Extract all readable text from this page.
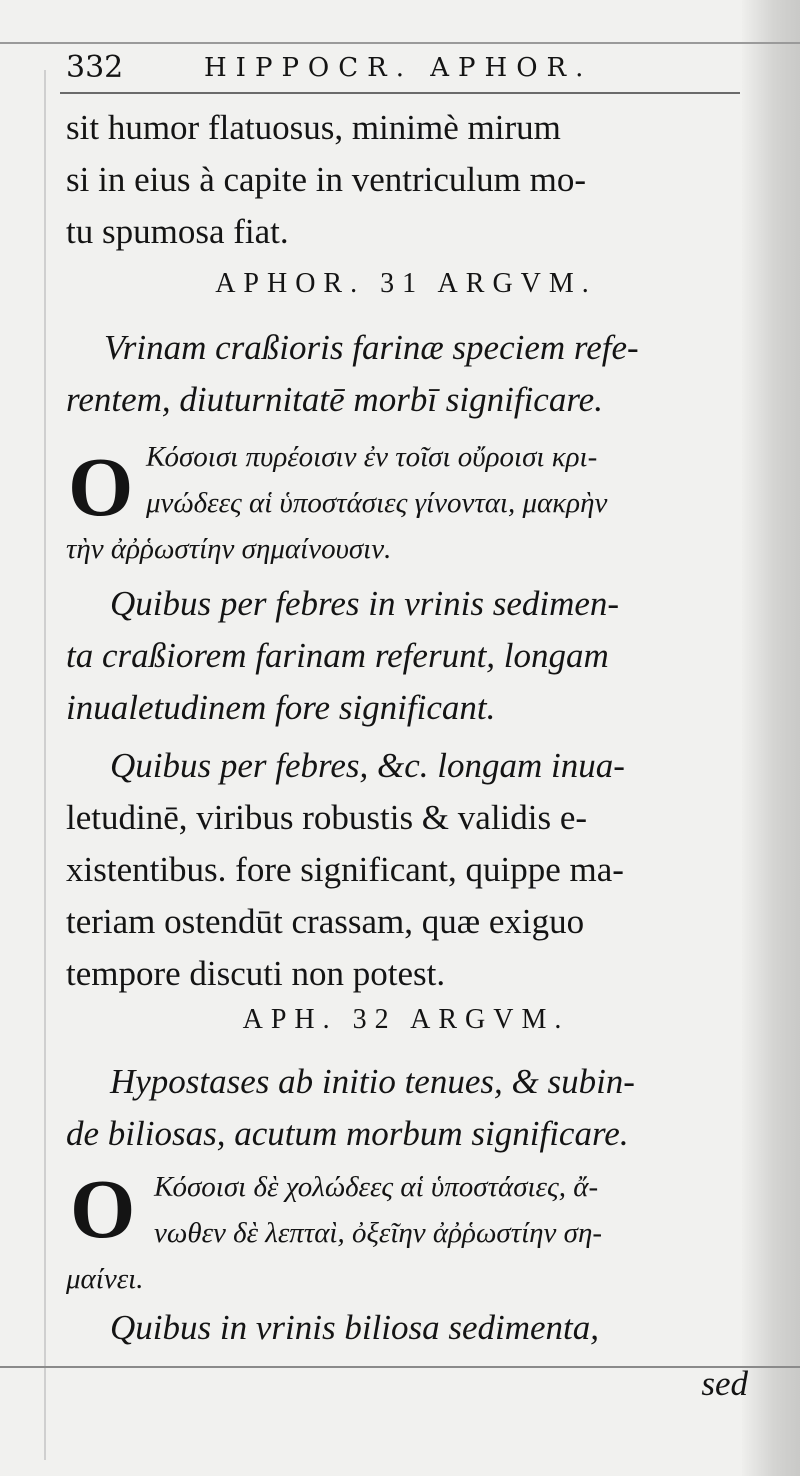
332	HIPPOCR. APHOR.
sit humor flatuosus, minimè mirum
si in eius à capite in ventriculum mo-
tu spumosa fiat.
APHOR. 31 ARGVM.
Vrinam craßioris farinæ speciem refe-
rentem, diuturnitatē morbī significare.
O Κόσοισι πυρέοισιν ἐν τοῖσι οὔροισι κρι-
μνώδεες αἱ ὑποστάσιες γίνονται, μακρὴν
τὴν ἀῤῥωστίην σημαίνουσιν.
Quibus per febres in vrinis sedimen-
ta craßiorem farinam referunt, longam
inualetudinem fore significant.
Quibus per febres, &c. longam inua-
letudinē, viribus robustis & validis e-
xistentibus. fore significant, quippe ma-
teriam ostendūt crassam, quæ exiguo
tempore discuti non potest.
APH. 32 ARGVM.
Hypostases ab initio tenues, & subin-
de biliosas, acutum morbum significare.
O Κόσοισι δὲ χολώδεες αἱ ὑποστάσιες, ἄ-
νωθεν δὲ λεπταὶ, ὀξεῖην ἀῤῥωστίην ση-
μαίνει.
Quibus in vrinis biliosa sedimenta,
sed
